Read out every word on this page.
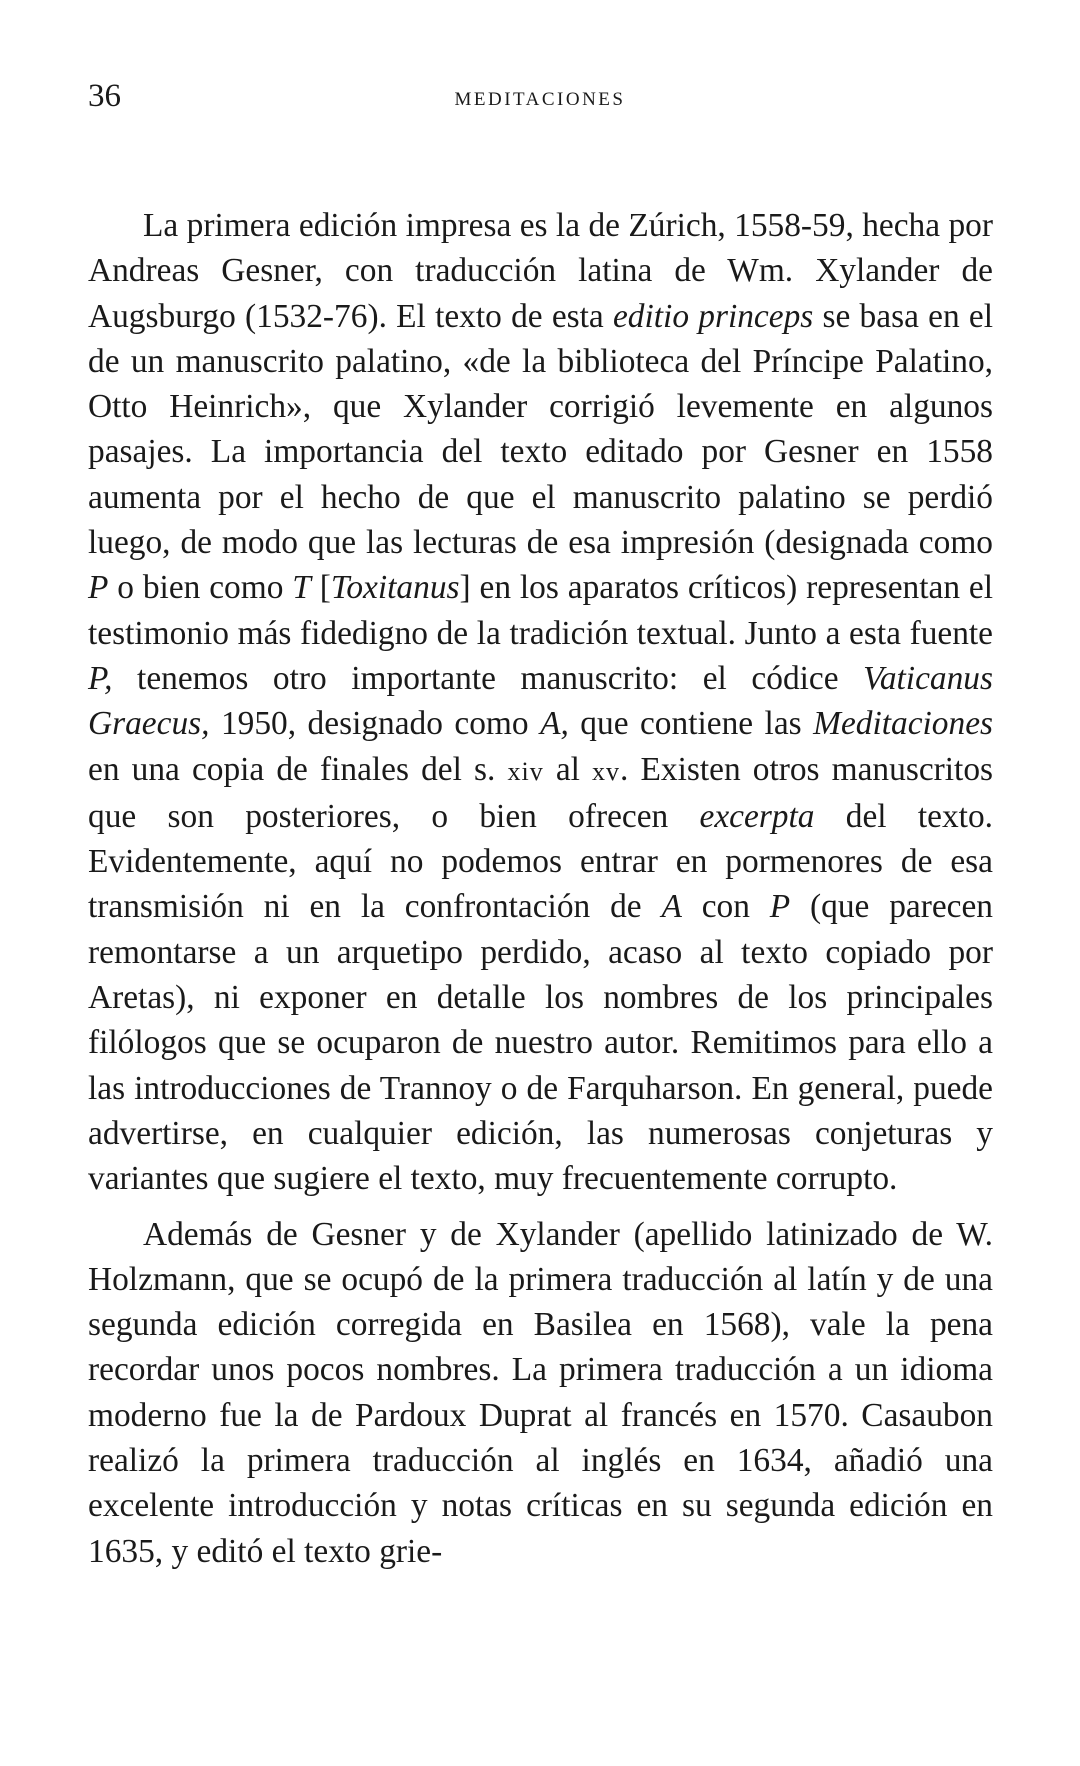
36	MEDITACIONES

La primera edición impresa es la de Zúrich, 1558-59, hecha por Andreas Gesner, con traducción latina de Wm. Xylander de Augsburgo (1532-76). El texto de esta editio princeps se basa en el de un manuscrito palatino, «de la biblioteca del Príncipe Palatino, Otto Heinrich», que Xylander corrigió levemente en algunos pasajes. La importancia del texto editado por Gesner en 1558 aumenta por el hecho de que el manuscrito palatino se perdió luego, de modo que las lecturas de esa impresión (designada como P o bien como T [Toxitanus] en los aparatos críticos) representan el testimonio más fidedigno de la tradición textual. Junto a esta fuente P, tenemos otro importante manuscrito: el códice Vaticanus Graecus, 1950, designado como A, que contiene las Meditaciones en una copia de finales del s. xiv al xv. Existen otros manuscritos que son posteriores, o bien ofrecen excerpta del texto. Evidentemente, aquí no podemos entrar en pormenores de esa transmisión ni en la confrontación de A con P (que parecen remontarse a un arquetipo perdido, acaso al texto copiado por Aretas), ni exponer en detalle los nombres de los principales filólogos que se ocuparon de nuestro autor. Remitimos para ello a las introducciones de Trannoy o de Farquharson. En general, puede advertirse, en cualquier edición, las numerosas conjeturas y variantes que sugiere el texto, muy frecuentemente corrupto.

Además de Gesner y de Xylander (apellido latinizado de W. Holzmann, que se ocupó de la primera traducción al latín y de una segunda edición corregida en Basilea en 1568), vale la pena recordar unos pocos nombres. La primera traducción a un idioma moderno fue la de Pardoux Duprat al francés en 1570. Casaubon realizó la primera traducción al inglés en 1634, añadió una excelente introducción y notas críticas en su segunda edición en 1635, y editó el texto grie-
